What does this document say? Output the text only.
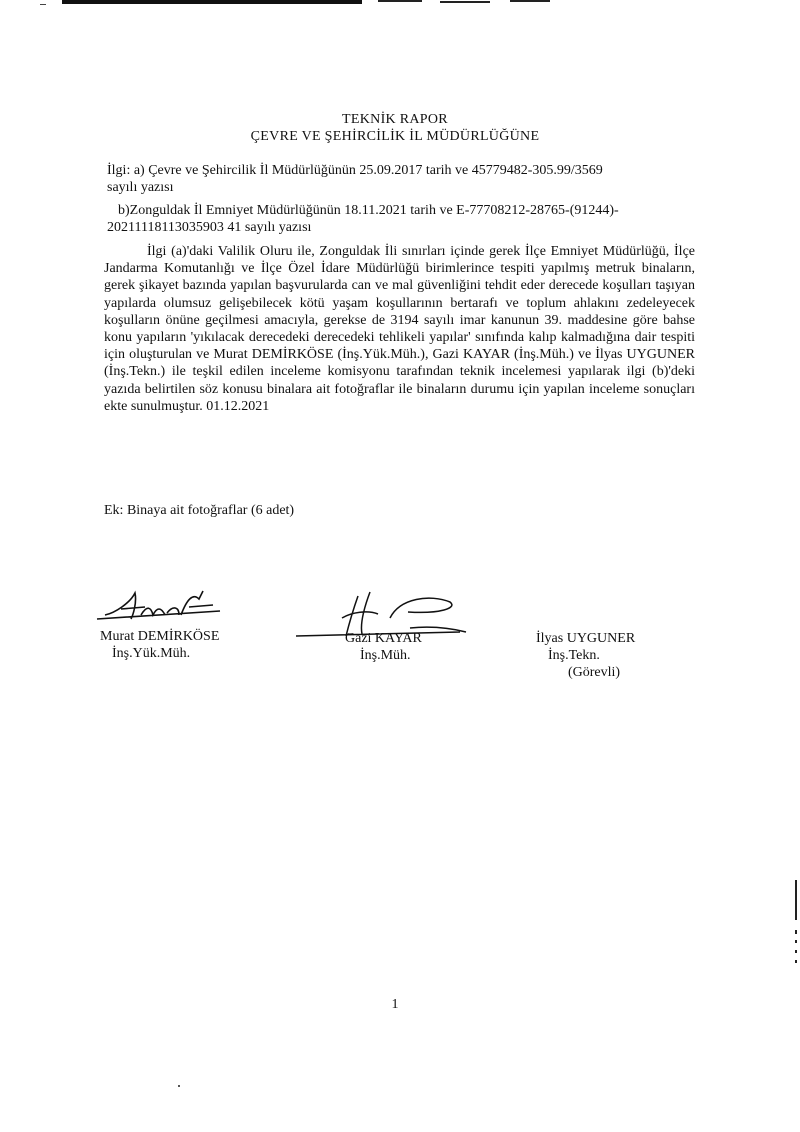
TEKNİK RAPOR
ÇEVRE VE ŞEHİRCİLİK İL MÜDÜRLÜĞÜNE
İlgi: a) Çevre ve Şehircilik İl Müdürlüğünün 25.09.2017 tarih ve 45779482-305.99/3569
sayılı yazısı
b)Zonguldak İl Emniyet Müdürlüğünün 18.11.2021 tarih ve E-77708212-28765-(91244)-
20211118113035903 41 sayılı yazısı
İlgi (a)'daki Valilik Oluru ile, Zonguldak İli sınırları içinde gerek İlçe Emniyet Müdürlüğü, İlçe Jandarma Komutanlığı ve İlçe Özel İdare Müdürlüğü birimlerince tespiti yapılmış metruk binaların, gerek şikayet bazında yapılan başvurularda can ve mal güvenliğini tehdit eder derecede koşulları taşıyan yapılarda olumsuz gelişebilecek kötü yaşam koşullarının bertarafı ve toplum ahlakını zedeleyecek koşulların önüne geçilmesi amacıyla, gerekse de 3194 sayılı imar kanunun 39. maddesine göre bahse konu yapıların 'yıkılacak derecedeki derecedeki tehlikeli yapılar' sınıfında kalıp kalmadığına dair tespiti için oluşturulan ve Murat DEMİRKÖSE (İnş.Yük.Müh.), Gazi KAYAR (İnş.Müh.) ve İlyas UYGUNER (İnş.Tekn.) ile teşkil edilen inceleme komisyonu tarafından teknik incelemesi yapılarak ilgi (b)'deki yazıda belirtilen söz konusu binalara ait fotoğraflar ile binaların durumu için yapılan inceleme sonuçları ekte sunulmuştur. 01.12.2021
Ek: Binaya ait fotoğraflar (6 adet)
Murat DEMİRKÖSE
İnş.Yük.Müh.
Gazi KAYAR
İnş.Müh.
İlyas UYGUNER
İnş.Tekn.
(Görevli)
1
